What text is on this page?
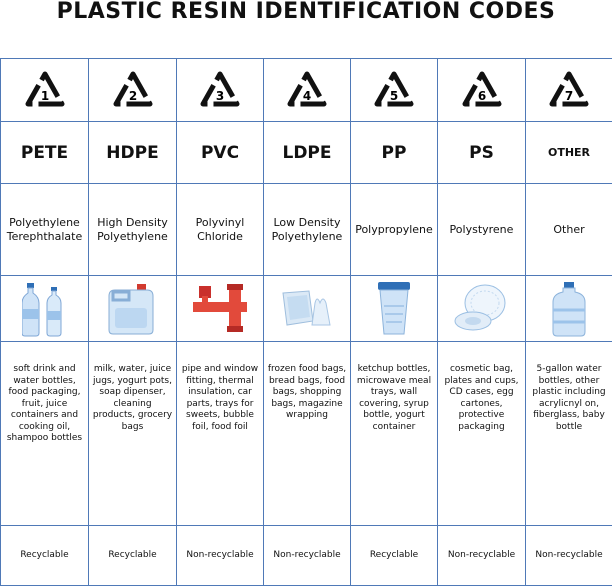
PLASTIC RESIN IDENTIFICATION CODES
1	2	3	4	5	6	7

PETE	HDPE	PVC	LDPE	PP	PS	OTHER
Polyethylene Terephthalate	High Density Polyethylene	Polyvinyl Chloride	Low Density Polyethylene	Polypropylene	Polystyrene	Other

soft drink and water bottles, food packaging, fruit, juice containers and cooking oil, shampoo bottles	milk, water, juice jugs, yogurt pots, soap dipenser, cleaning products, grocery bags	pipe and window fitting, thermal insulation, car parts, trays for sweets, bubble foil, food foil	frozen food bags, bread bags, food bags, shopping bags, magazine wrapping	ketchup bottles, microwave meal trays, wall covering, syrup bottle, yogurt container	cosmetic bag, plates and cups, CD cases, egg cartones, protective packaging	5-gallon water bottles, other plastic including acrylicnyl on, fiberglass, baby bottle
Recyclable	Recyclable	Non-recyclable	Non-recyclable	Recyclable	Non-recyclable	Non-recyclable
